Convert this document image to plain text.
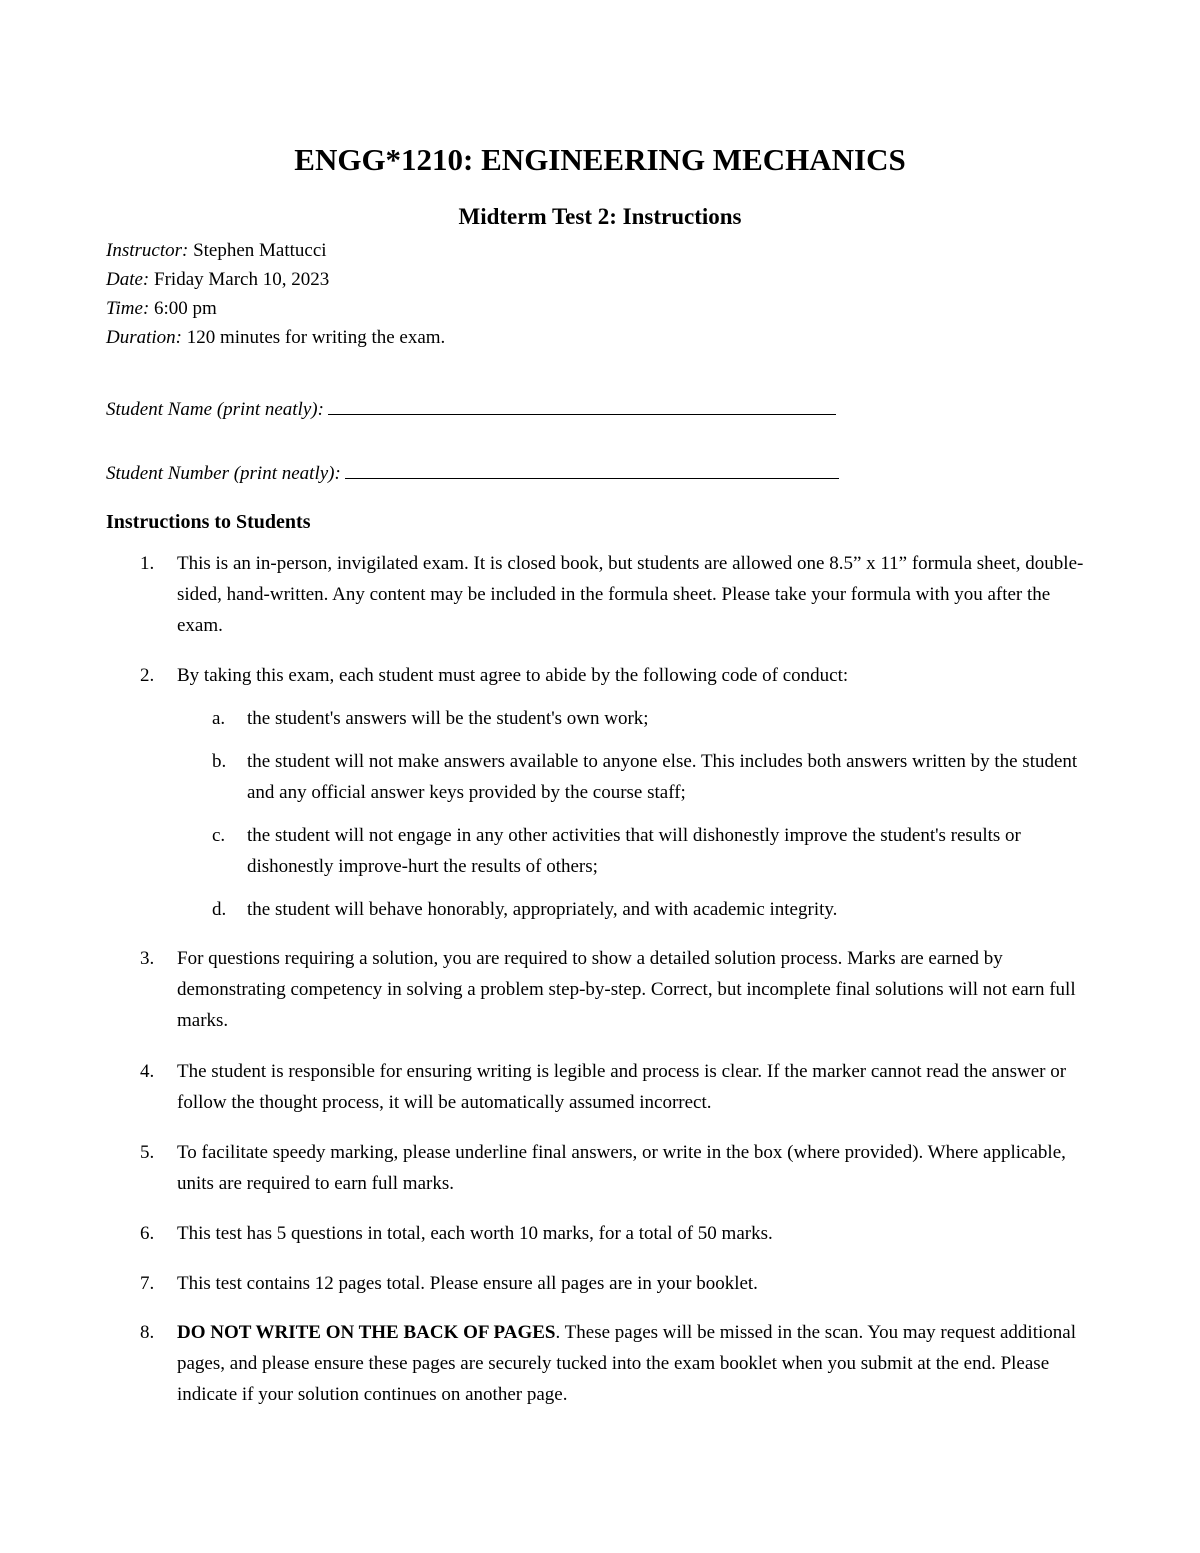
ENGG*1210: ENGINEERING MECHANICS
Midterm Test 2: Instructions
Instructor: Stephen Mattucci
Date: Friday March 10, 2023
Time: 6:00 pm
Duration: 120 minutes for writing the exam.
Student Name (print neatly):
Student Number (print neatly):
Instructions to Students
1.	This is an in-person, invigilated exam. It is closed book, but students are allowed one 8.5” x 11” formula sheet, double-sided, hand-written. Any content may be included in the formula sheet. Please take your formula with you after the exam.
2.	By taking this exam, each student must agree to abide by the following code of conduct:
a.	the student's answers will be the student's own work;
b.	the student will not make answers available to anyone else. This includes both answers written by the student and any official answer keys provided by the course staff;
c.	the student will not engage in any other activities that will dishonestly improve the student's results or dishonestly improve-hurt the results of others;
d.	the student will behave honorably, appropriately, and with academic integrity.
3.	For questions requiring a solution, you are required to show a detailed solution process. Marks are earned by demonstrating competency in solving a problem step-by-step. Correct, but incomplete final solutions will not earn full marks.
4.	The student is responsible for ensuring writing is legible and process is clear. If the marker cannot read the answer or follow the thought process, it will be automatically assumed incorrect.
5.	To facilitate speedy marking, please underline final answers, or write in the box (where provided). Where applicable, units are required to earn full marks.
6.	This test has 5 questions in total, each worth 10 marks, for a total of 50 marks.
7.	This test contains 12 pages total. Please ensure all pages are in your booklet.
8.	DO NOT WRITE ON THE BACK OF PAGES. These pages will be missed in the scan. You may request additional pages, and please ensure these pages are securely tucked into the exam booklet when you submit at the end. Please indicate if your solution continues on another page.
